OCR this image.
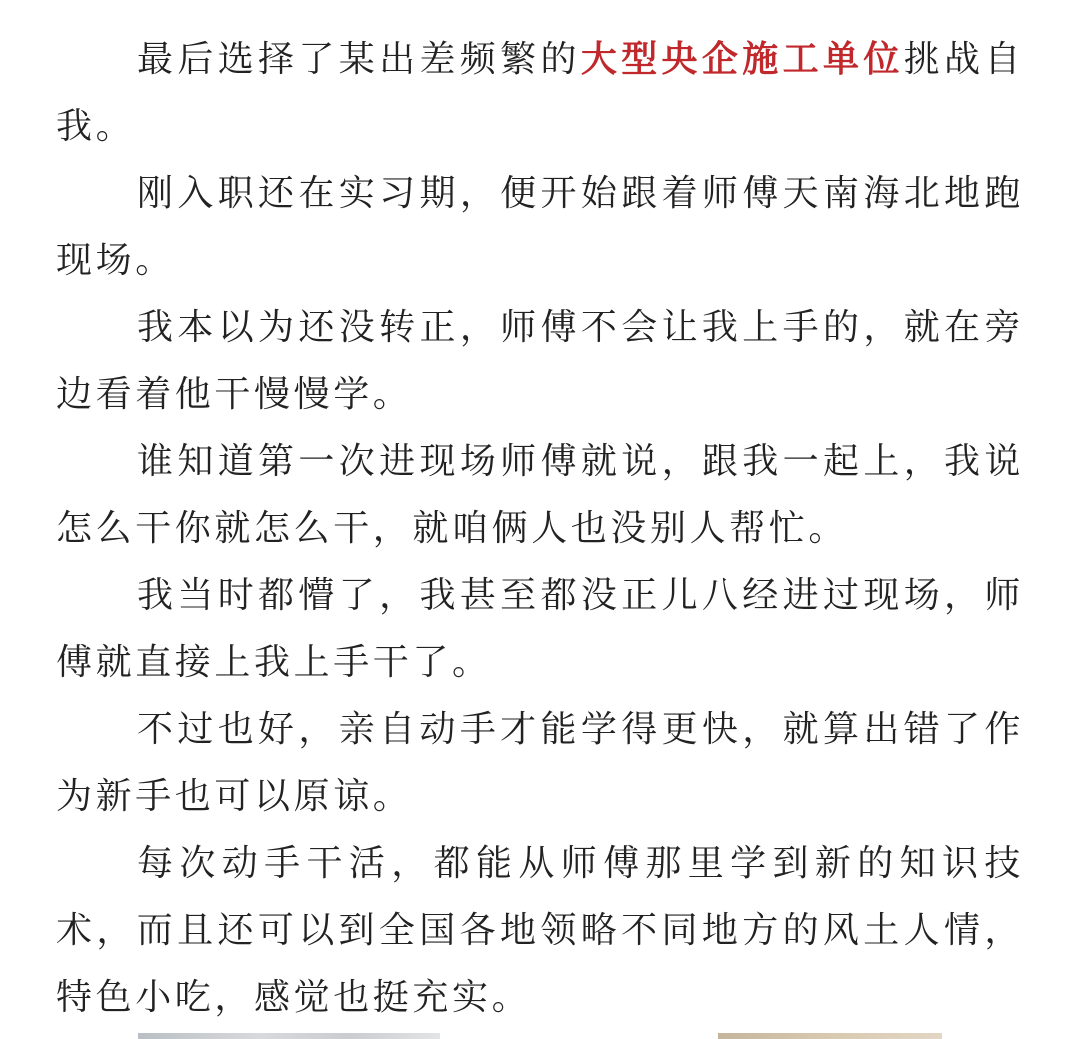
最后选择了某出差频繁的大型央企施工单位挑战自我。

刚入职还在实习期，便开始跟着师傅天南海北地跑现场。

我本以为还没转正，师傅不会让我上手的，就在旁边看着他干慢慢学。

谁知道第一次进现场师傅就说，跟我一起上，我说怎么干你就怎么干，就咱俩人也没别人帮忙。

我当时都懵了，我甚至都没正儿八经进过现场，师傅就直接上我上手干了。

不过也好，亲自动手才能学得更快，就算出错了作为新手也可以原谅。

每次动手干活，都能从师傅那里学到新的知识技术，而且还可以到全国各地领略不同地方的风土人情，特色小吃，感觉也挺充实。
